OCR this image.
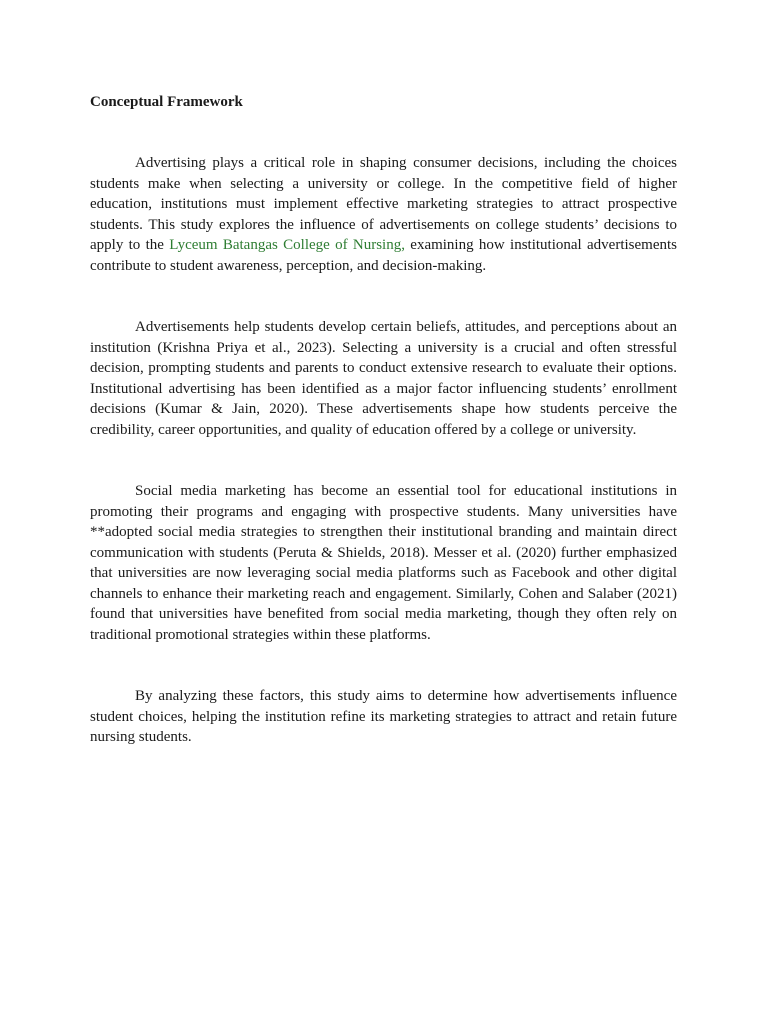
Conceptual Framework

Advertising plays a critical role in shaping consumer decisions, including the choices students make when selecting a university or college. In the competitive field of higher education, institutions must implement effective marketing strategies to attract prospective students. This study explores the influence of advertisements on college students’ decisions to apply to the Lyceum Batangas College of Nursing, examining how institutional advertisements contribute to student awareness, perception, and decision-making.

Advertisements help students develop certain beliefs, attitudes, and perceptions about an institution (Krishna Priya et al., 2023). Selecting a university is a crucial and often stressful decision, prompting students and parents to conduct extensive research to evaluate their options. Institutional advertising has been identified as a major factor influencing students’ enrollment decisions (Kumar & Jain, 2020). These advertisements shape how students perceive the credibility, career opportunities, and quality of education offered by a college or university.

Social media marketing has become an essential tool for educational institutions in promoting their programs and engaging with prospective students. Many universities have **adopted social media strategies to strengthen their institutional branding and maintain direct communication with students (Peruta & Shields, 2018). Messer et al. (2020) further emphasized that universities are now leveraging social media platforms such as Facebook and other digital channels to enhance their marketing reach and engagement. Similarly, Cohen and Salaber (2021) found that universities have benefited from social media marketing, though they often rely on traditional promotional strategies within these platforms.

By analyzing these factors, this study aims to determine how advertisements influence student choices, helping the institution refine its marketing strategies to attract and retain future nursing students.
